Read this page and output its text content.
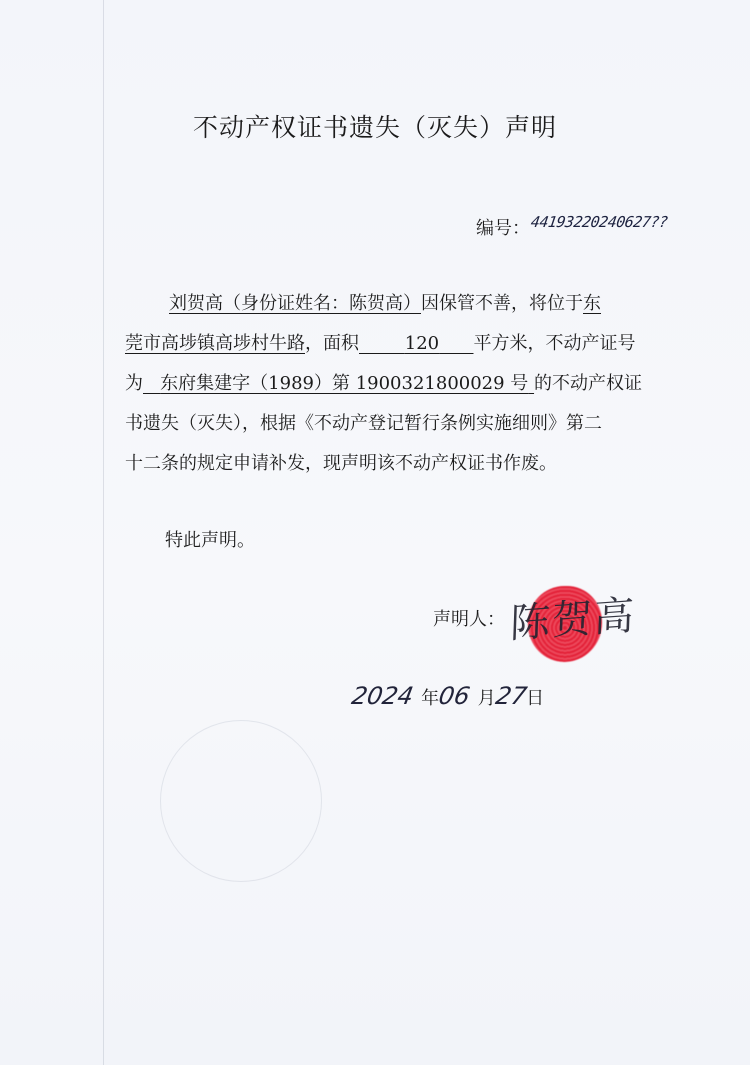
不动产权证书遗失（灭失）声明
编号： 44193220240627??
刘贺高（身份证姓名：陈贺高）因保管不善，将位于东
莞市高埗镇高埗村牛路，面积	120 平方米，不动产证号
为 东府集建字（1989）第 1900321800029 号 的不动产权证
书遗失（灭失），根据《不动产登记暂行条例实施细则》第二
十二条的规定申请补发，现声明该不动产权证书作废。
特此声明。
声明人： 陈贺高
2024 年06 月27日
